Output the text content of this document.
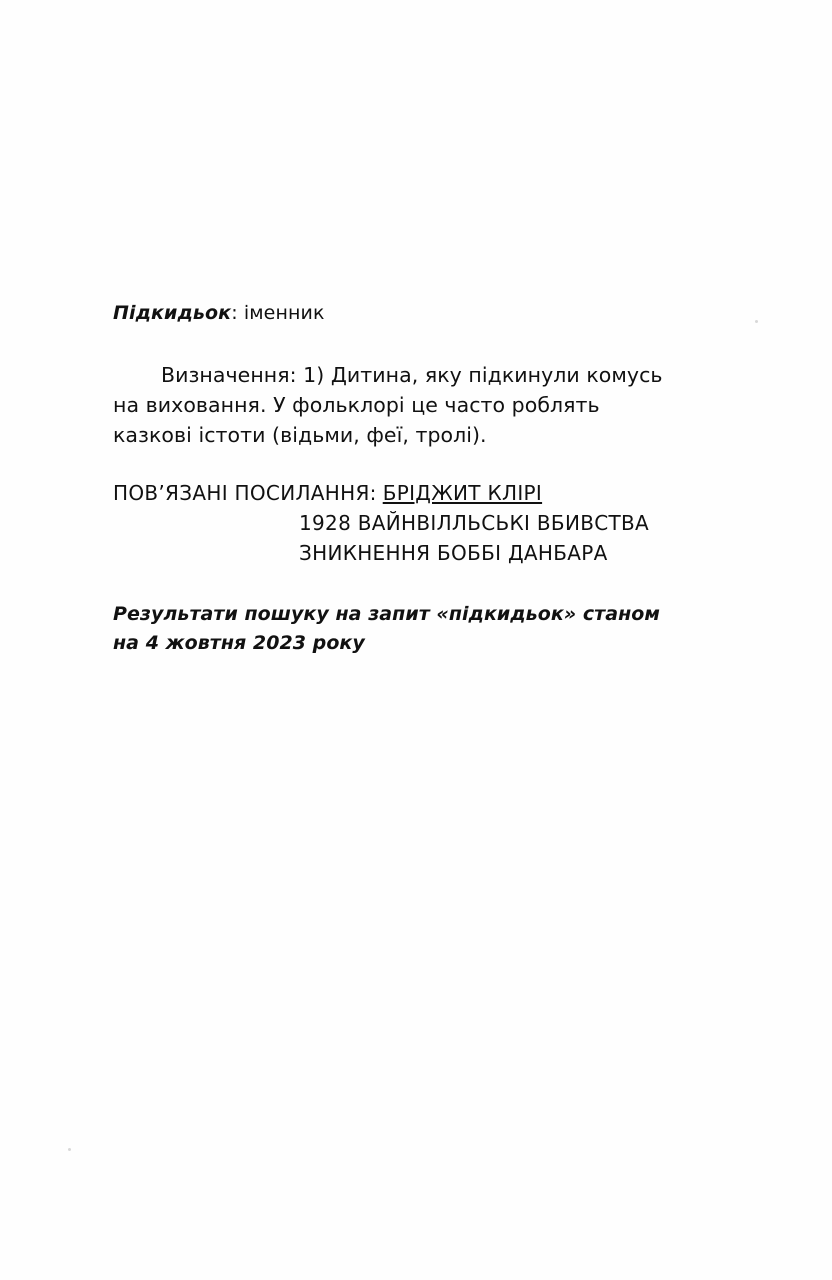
Підкидьок: іменник
Визначення: 1) Дитина, яку підкинули комусь на виховання. У фольклорі це часто роблять казкові істоти (відьми, феї, тролі).
ПОВ’ЯЗАНІ ПОСИЛАННЯ: БРІДЖИТ КЛІРІ
1928 ВАЙНВІЛЛЬСЬКІ ВБИВСТВА
ЗНИКНЕННЯ БОББІ ДАНБАРА
Результати пошуку на запит «підкидьок» станом на 4 жовтня 2023 року
